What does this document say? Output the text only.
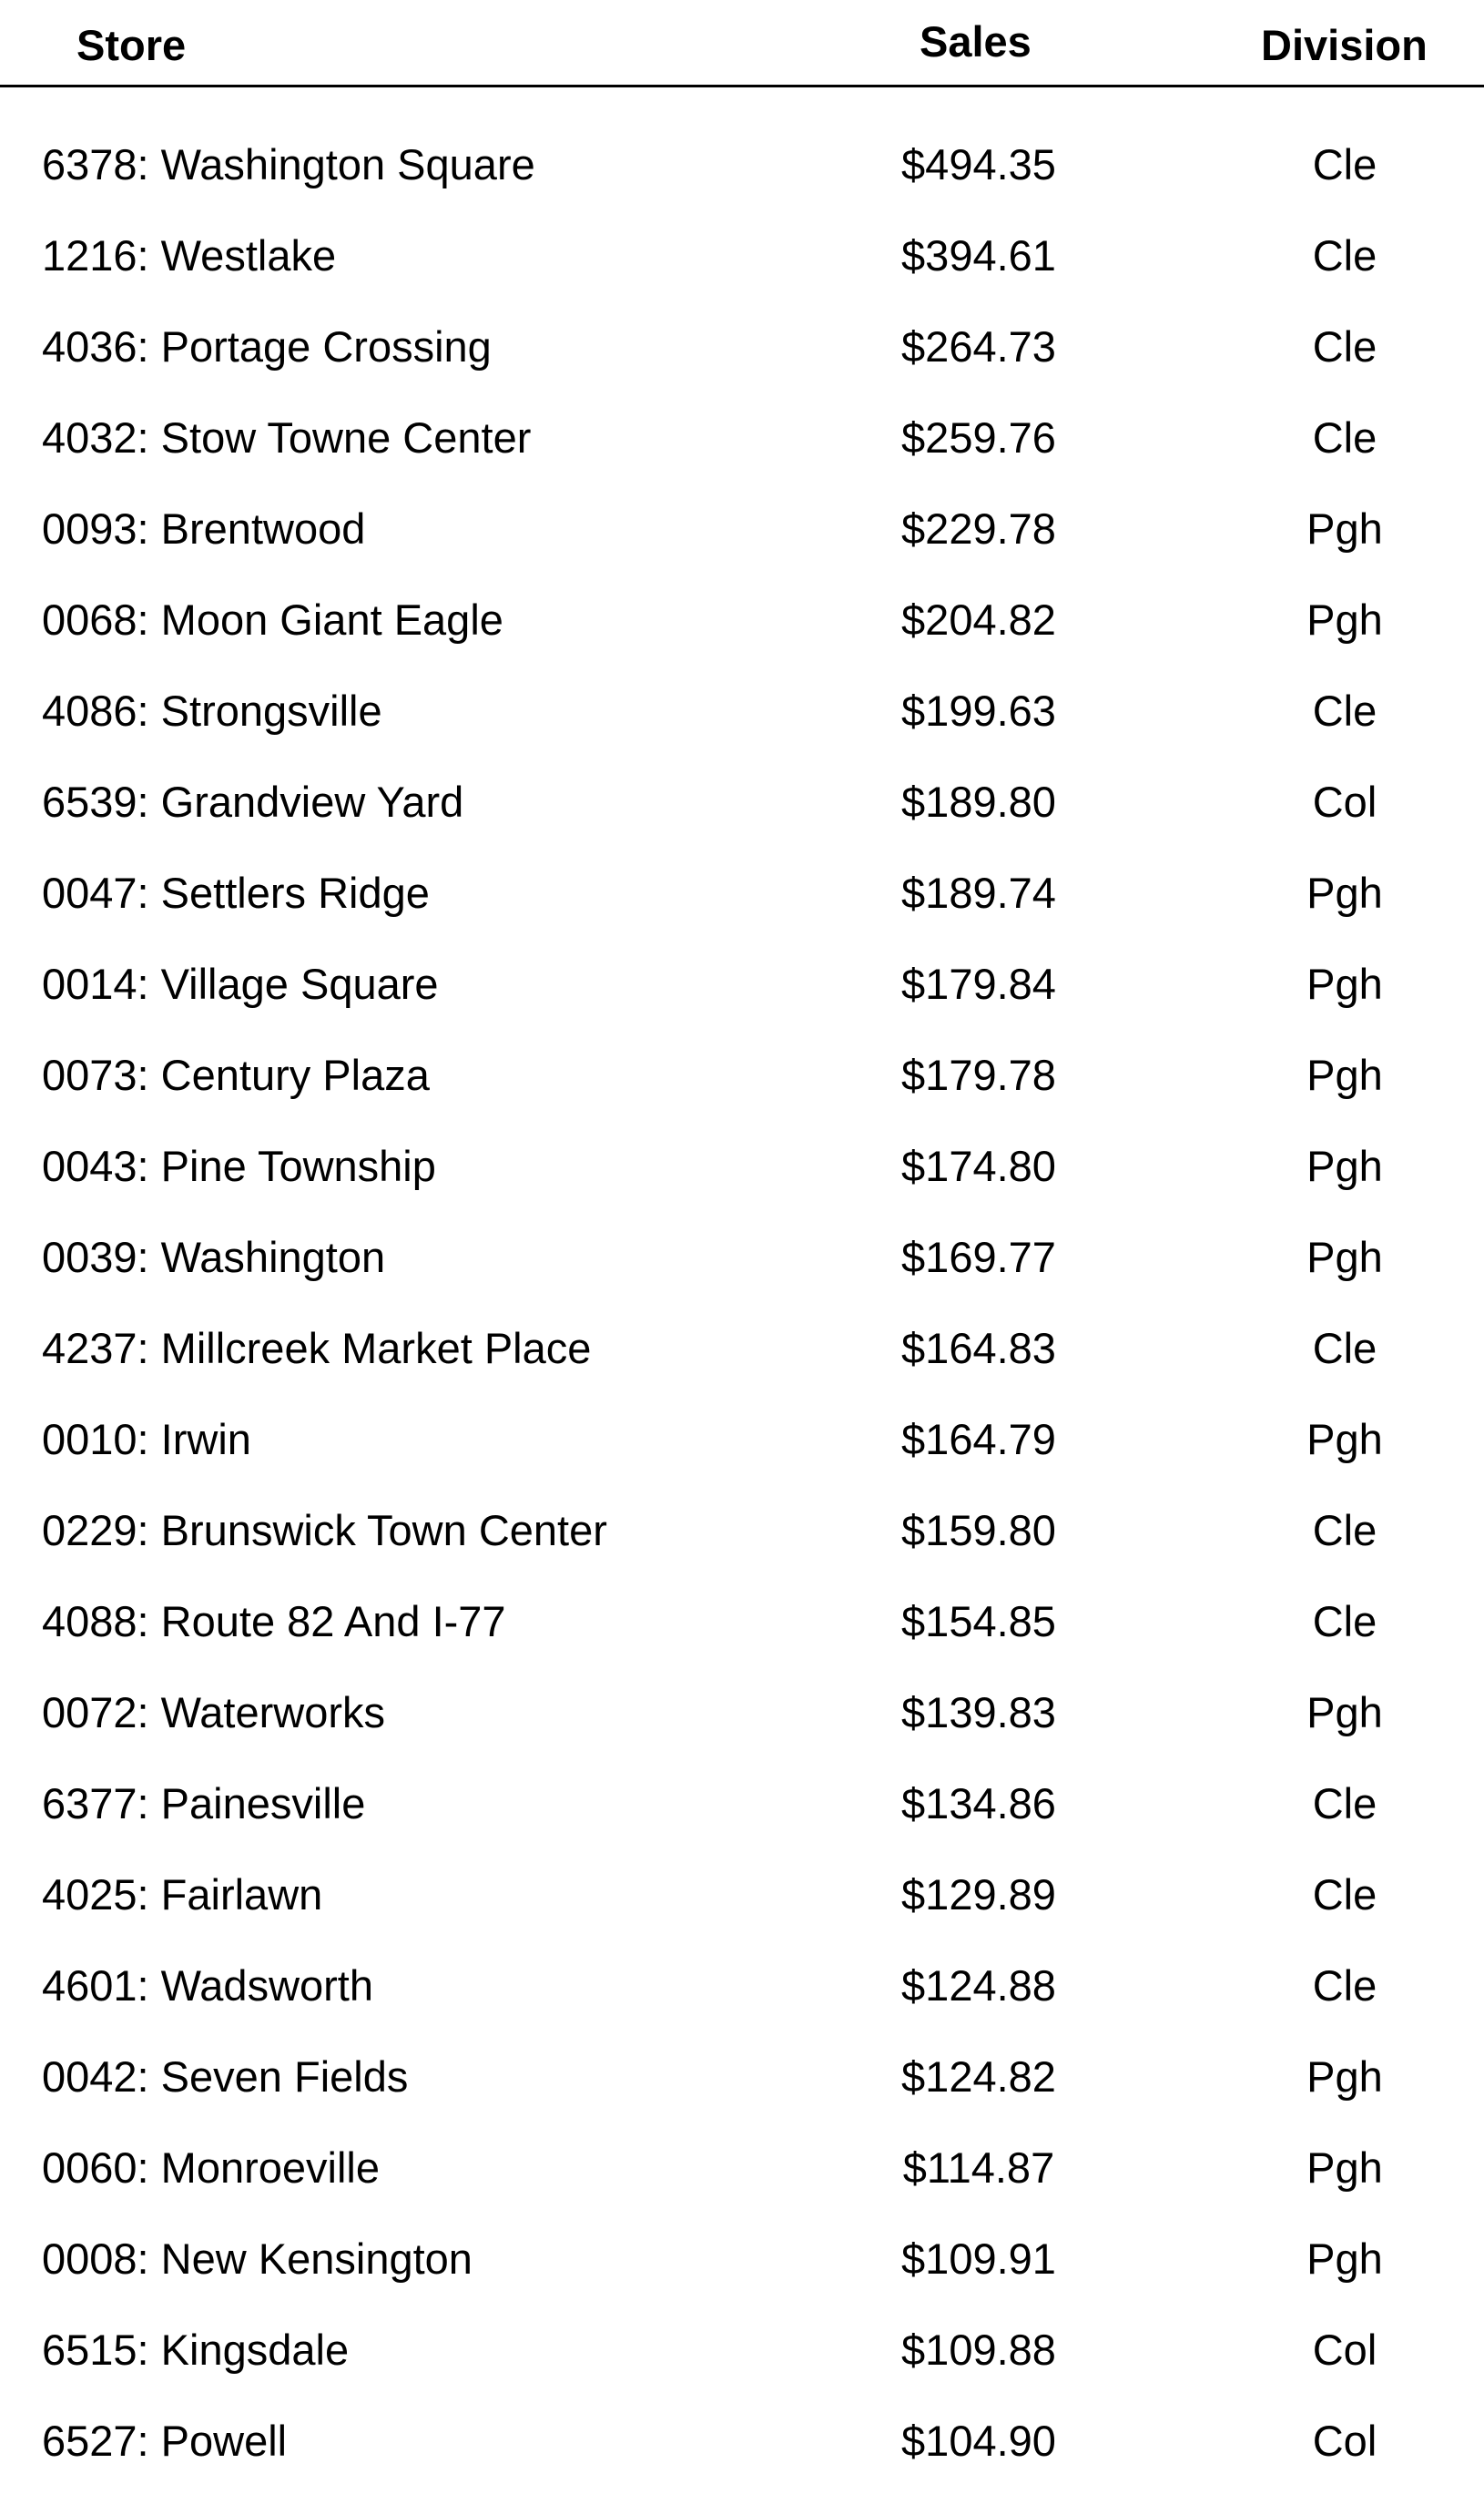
Store	Sales	Division
6378: Washington Square	$494.35	Cle
1216: Westlake	$394.61	Cle
4036: Portage Crossing	$264.73	Cle
4032: Stow Towne Center	$259.76	Cle
0093: Brentwood	$229.78	Pgh
0068: Moon Giant Eagle	$204.82	Pgh
4086: Strongsville	$199.63	Cle
6539: Grandview Yard	$189.80	Col
0047: Settlers Ridge	$189.74	Pgh
0014: Village Square	$179.84	Pgh
0073: Century Plaza	$179.78	Pgh
0043: Pine Township	$174.80	Pgh
0039: Washington	$169.77	Pgh
4237: Millcreek Market Place	$164.83	Cle
0010: Irwin	$164.79	Pgh
0229: Brunswick Town Center	$159.80	Cle
4088: Route 82 And I-77	$154.85	Cle
0072: Waterworks	$139.83	Pgh
6377: Painesville	$134.86	Cle
4025: Fairlawn	$129.89	Cle
4601: Wadsworth	$124.88	Cle
0042: Seven Fields	$124.82	Pgh
0060: Monroeville	$114.87	Pgh
0008: New Kensington	$109.91	Pgh
6515: Kingsdale	$109.88	Col
6527: Powell	$104.90	Col
